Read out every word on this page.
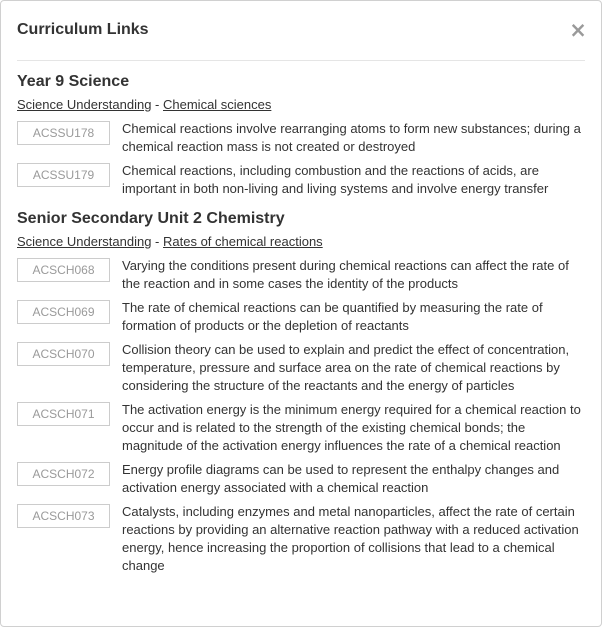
Curriculum Links	×
Year 9 Science
Science Understanding - Chemical sciences
ACSSU178	Chemical reactions involve rearranging atoms to form new substances; during a chemical reaction mass is not created or destroyed
ACSSU179	Chemical reactions, including combustion and the reactions of acids, are important in both non-living and living systems and involve energy transfer
Senior Secondary Unit 2 Chemistry
Science Understanding - Rates of chemical reactions
ACSCH068	Varying the conditions present during chemical reactions can affect the rate of the reaction and in some cases the identity of the products
ACSCH069	The rate of chemical reactions can be quantified by measuring the rate of formation of products or the depletion of reactants
ACSCH070	Collision theory can be used to explain and predict the effect of concentration, temperature, pressure and surface area on the rate of chemical reactions by considering the structure of the reactants and the energy of particles
ACSCH071	The activation energy is the minimum energy required for a chemical reaction to occur and is related to the strength of the existing chemical bonds; the magnitude of the activation energy influences the rate of a chemical reaction
ACSCH072	Energy profile diagrams can be used to represent the enthalpy changes and activation energy associated with a chemical reaction
ACSCH073	Catalysts, including enzymes and metal nanoparticles, affect the rate of certain reactions by providing an alternative reaction pathway with a reduced activation energy, hence increasing the proportion of collisions that lead to a chemical change
